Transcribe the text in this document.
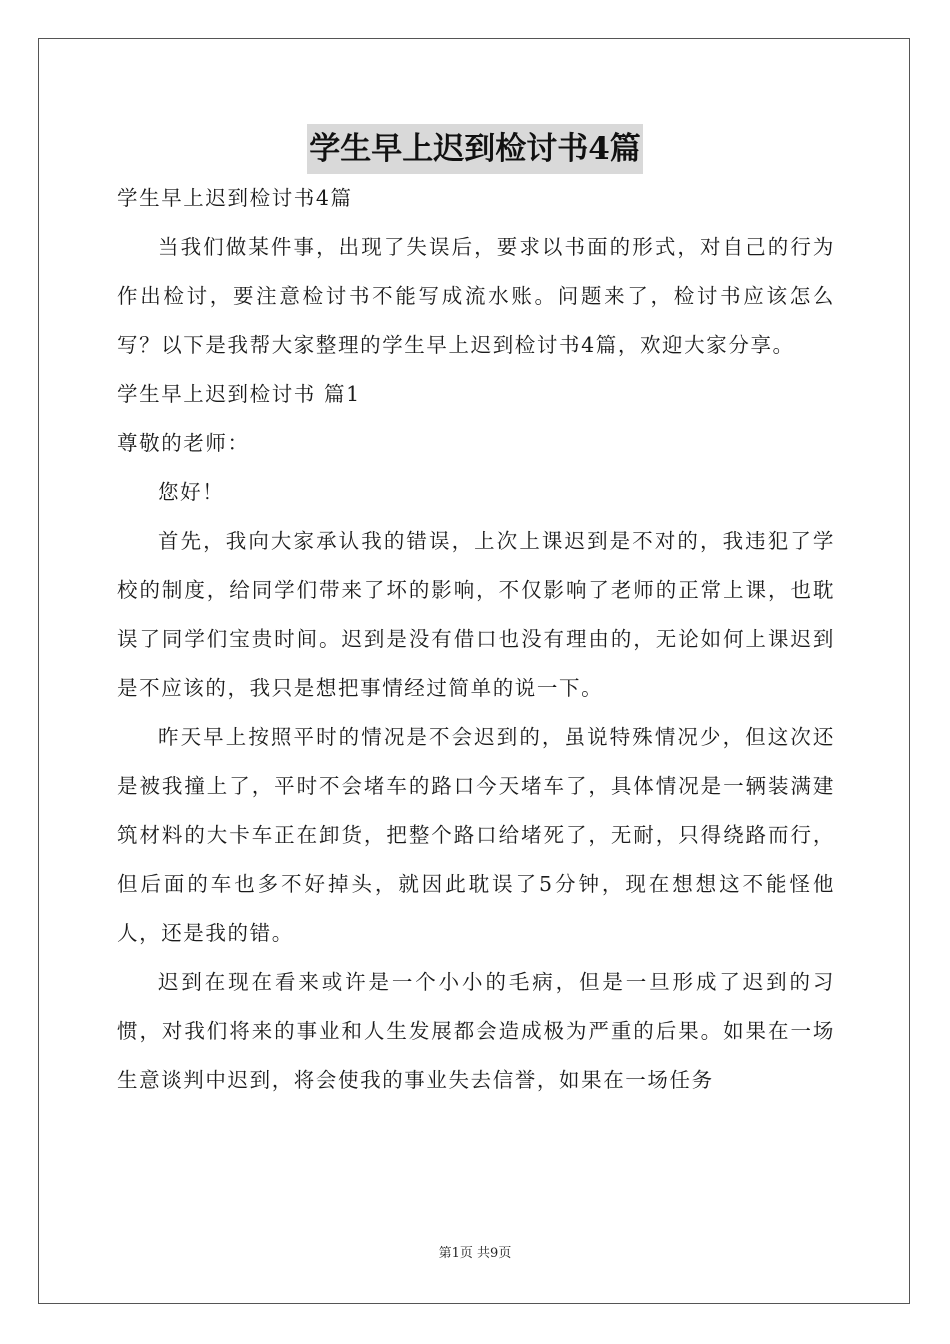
学生早上迟到检讨书4篇

学生早上迟到检讨书4篇

当我们做某件事，出现了失误后，要求以书面的形式，对自己的行为作出检讨，要注意检讨书不能写成流水账。问题来了，检讨书应该怎么写？以下是我帮大家整理的学生早上迟到检讨书4篇，欢迎大家分享。

学生早上迟到检讨书 篇1

尊敬的老师：

您好！

首先，我向大家承认我的错误，上次上课迟到是不对的，我违犯了学校的制度，给同学们带来了坏的影响，不仅影响了老师的正常上课，也耽误了同学们宝贵时间。迟到是没有借口也没有理由的，无论如何上课迟到是不应该的，我只是想把事情经过简单的说一下。

昨天早上按照平时的情况是不会迟到的，虽说特殊情况少，但这次还是被我撞上了，平时不会堵车的路口今天堵车了，具体情况是一辆装满建筑材料的大卡车正在卸货，把整个路口给堵死了，无耐，只得绕路而行，但后面的车也多不好掉头，就因此耽误了5分钟，现在想想这不能怪他人，还是我的错。

迟到在现在看来或许是一个小小的毛病，但是一旦形成了迟到的习惯，对我们将来的事业和人生发展都会造成极为严重的后果。如果在一场生意谈判中迟到，将会使我的事业失去信誉，如果在一场任务

第1页 共9页
